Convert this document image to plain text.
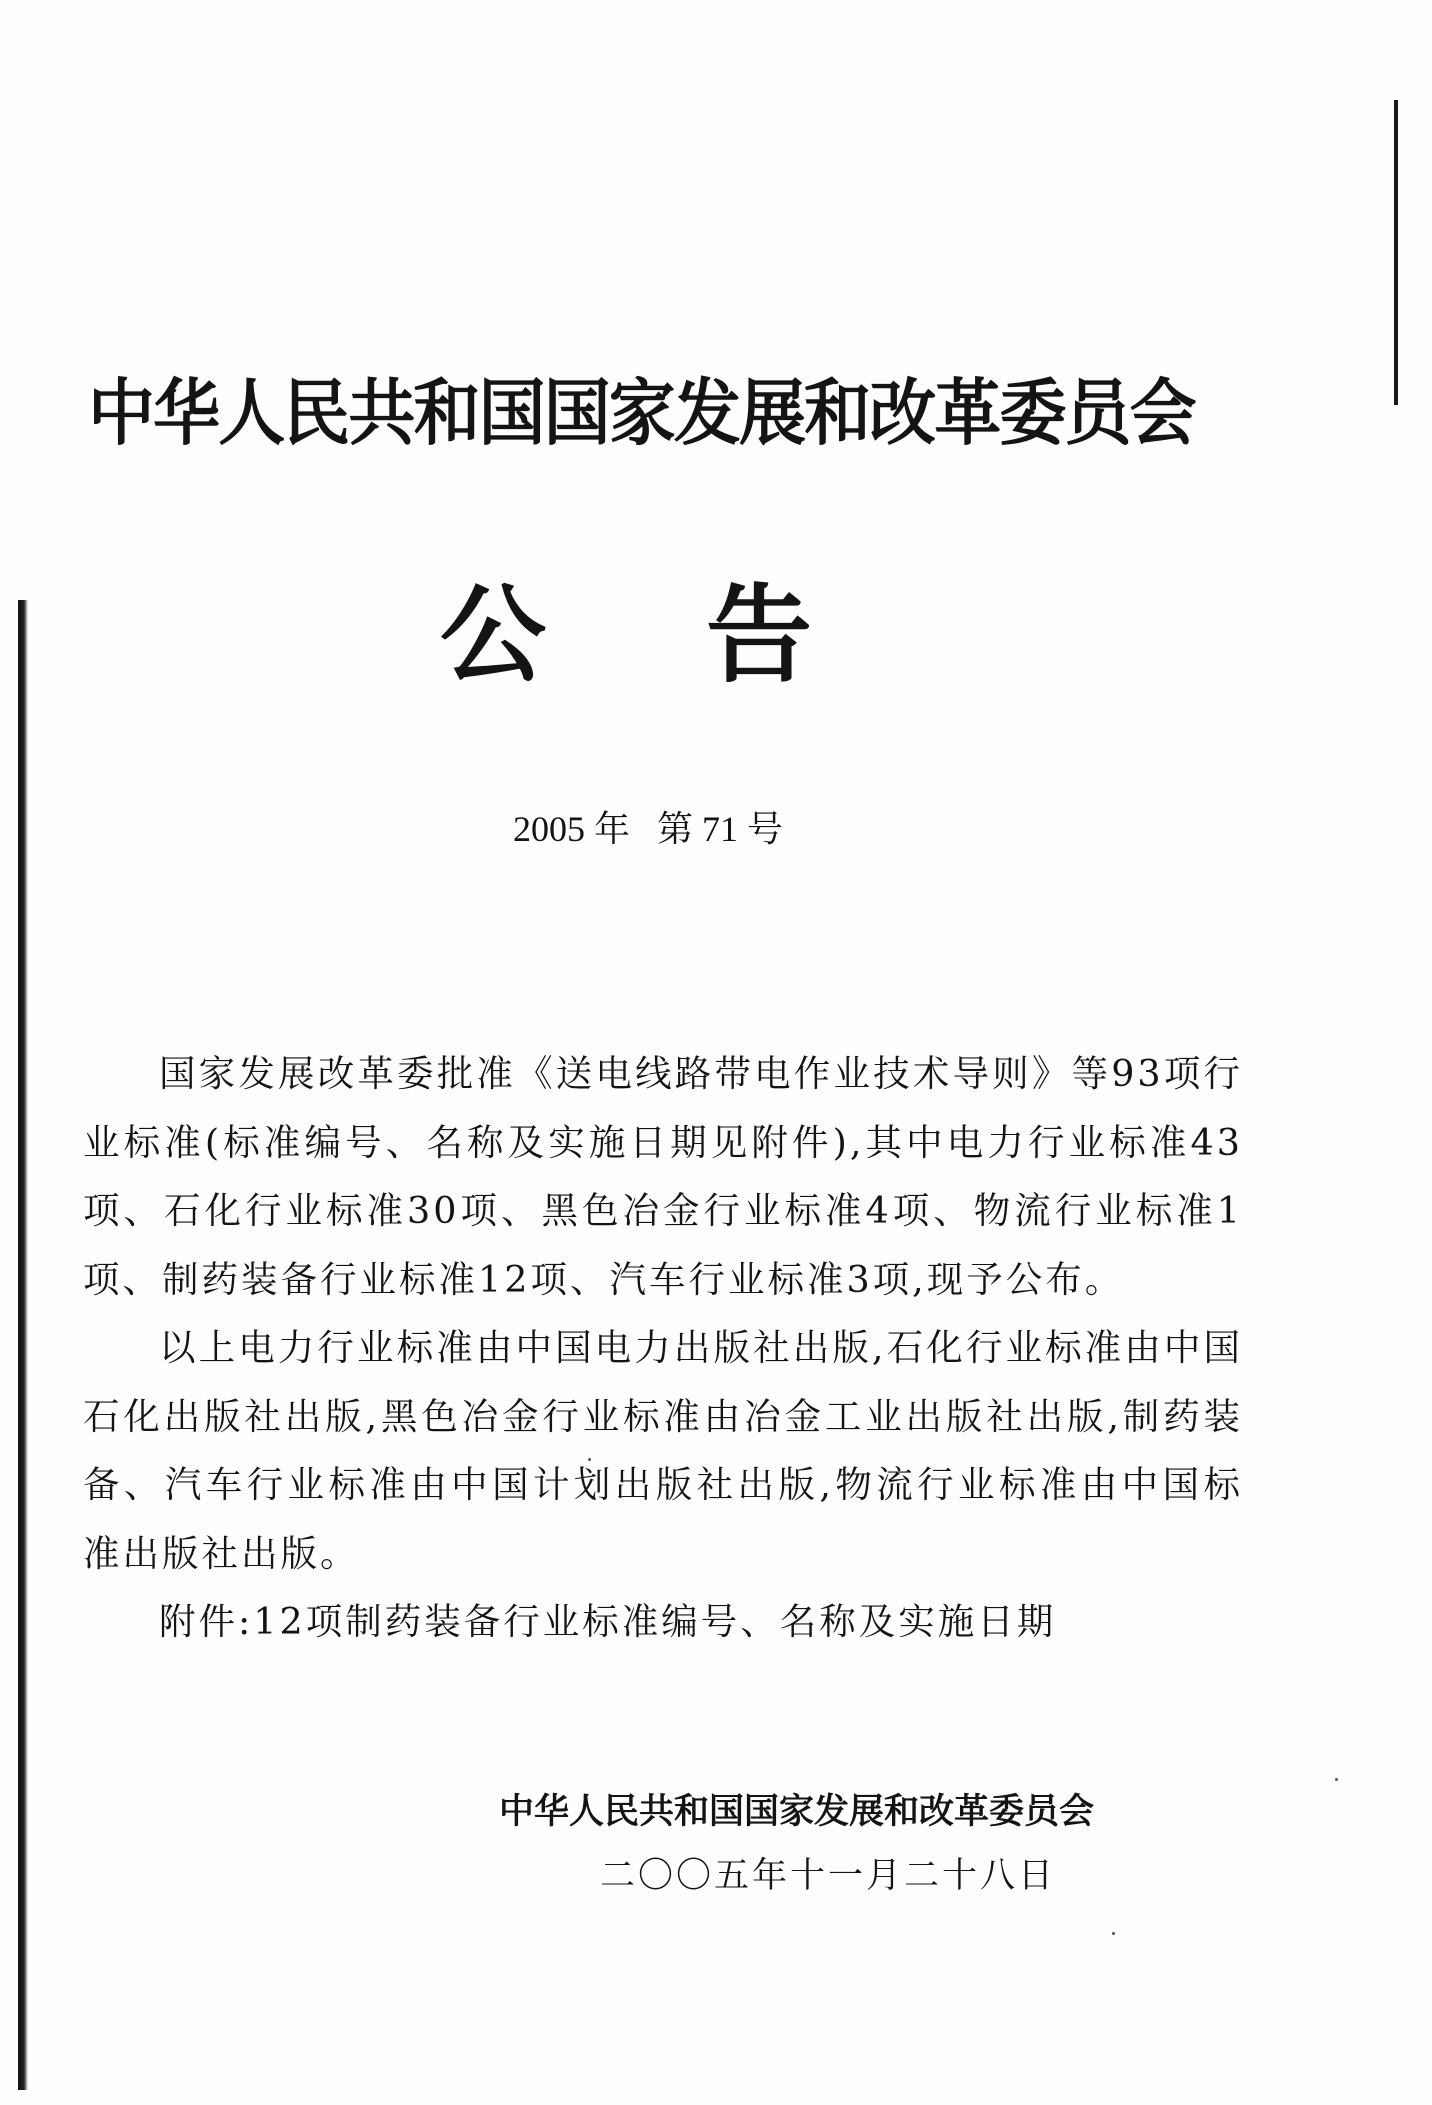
中华人民共和国国家发展和改革委员会
公告
2005 年   第 71 号

国家发展改革委批准《送电线路带电作业技术导则》等93项行业标准(标准编号、名称及实施日期见附件),其中电力行业标准43项、石化行业标准30项、黑色冶金行业标准4项、物流行业标准1项、制药装备行业标准12项、汽车行业标准3项,现予公布。

以上电力行业标准由中国电力出版社出版,石化行业标准由中国石化出版社出版,黑色冶金行业标准由冶金工业出版社出版,制药装备、汽车行业标准由中国计划出版社出版,物流行业标准由中国标准出版社出版。

附件:12项制药装备行业标准编号、名称及实施日期

中华人民共和国国家发展和改革委员会
二〇〇五年十一月二十八日
